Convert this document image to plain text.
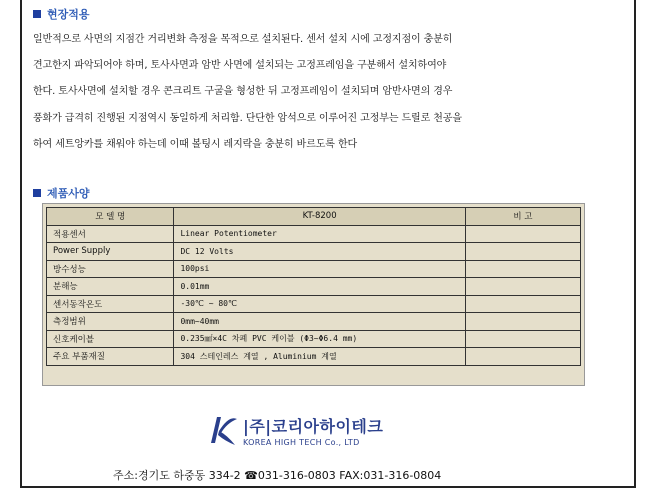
현장적용
일반적으로 사면의 지점간 거리변화 측정을 목적으로 설치된다. 센서 설치 시에 고정지점이 충분히
견고한지 파악되어야 하며, 토사사면과 암반 사면에 설치되는 고정프레임을 구분해서 설치하여야
한다. 토사사면에 설치할 경우 콘크리트 구굴을 형성한 뒤 고정프레임이 설치되며 암반사면의 경우
풍화가 급격히 진행된 지점역시 동일하게 처리함. 단단한 암석으로 이루어진 고정부는 드릴로 천공을
하여 세트앙카를 채워야 하는데 이때 볼팅시 레지락을 충분히 바르도록 한다
제품사양
모 델 명	KT-8200	비 고
적용센서	Linear Potentiometer	
Power Supply	DC 12 Volts	
방수성능	100psi	
분해능	0.01mm	
센서동작온도	-30℃ ~ 80℃	
측정범위	0mm~40mm	
신호케이블	0.235㎟×4C 차폐 PVC 케이블 (Φ3~Φ6.4 mm)	
주요 부품재질	304 스테인레스 계열 , Aluminium 계열	
|주|코리아하이테크
KOREA HIGH TECH Co., LTD
주소:경기도 하중동 334-2 ☎031-316-0803 FAX:031-316-0804
